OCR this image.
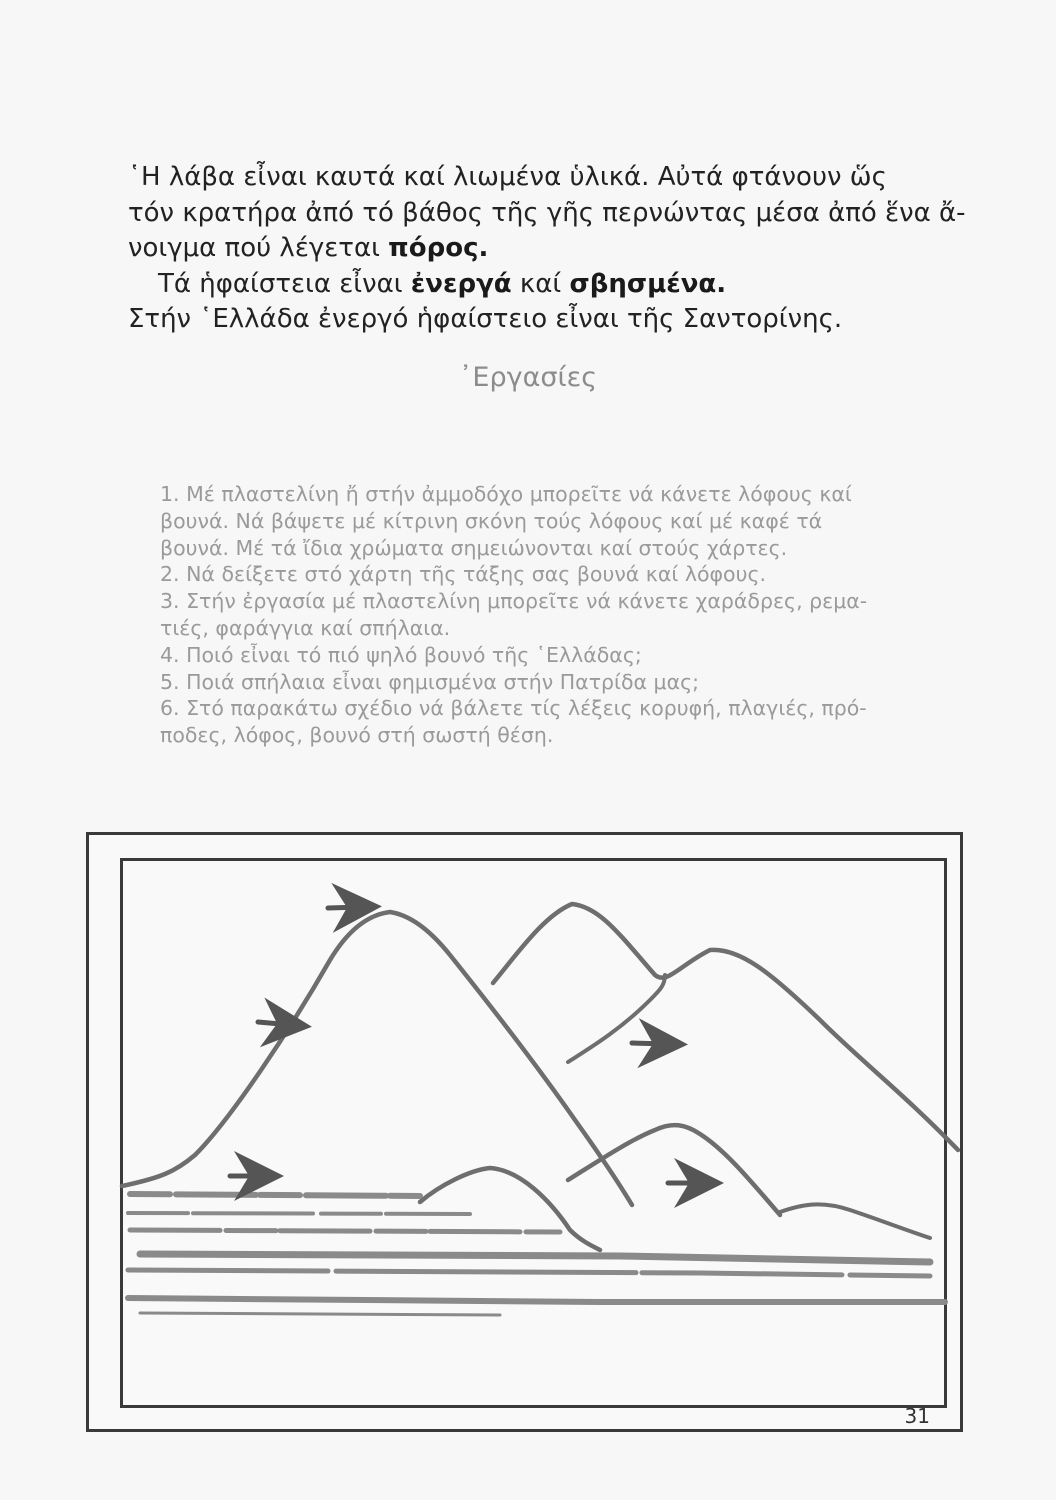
῾Η λάβα εἶναι καυτά καί λιωμένα ὑλικά. Αὐτά φτάνουν ὥς

τόν κρατήρα ἀπό τό βάθος τῆς γῆς περνώντας μέσα ἀπό ἕνα ἄ-

νοιγμα πού λέγεται πόρος.

Τά ἡφαίστεια εἶναι ἐνεργά καί σβησμένα.

Στήν ῾Ελλάδα ἐνεργό ἡφαίστειο εἶναι τῆς Σαντορίνης.

᾿Εργασίες

1. Μέ πλαστελίνη ἤ στήν ἀμμοδόχο μπορεῖτε νά κάνετε λόφους καί

βουνά. Νά βάψετε μέ κίτρινη σκόνη τούς λόφους καί μέ καφέ τά

βουνά. Μέ τά ἴδια χρώματα σημειώνονται καί στούς χάρτες.

2. Νά δείξετε στό χάρτη τῆς τάξης σας βουνά καί λόφους.

3. Στήν ἐργασία μέ πλαστελίνη μπορεῖτε νά κάνετε χαράδρες, ρεμα-

τιές, φαράγγια καί σπήλαια.

4. Ποιό εἶναι τό πιό ψηλό βουνό τῆς ῾Ελλάδας;

5. Ποιά σπήλαια εἶναι φημισμένα στήν Πατρίδα μας;

6. Στό παρακάτω σχέδιο νά βάλετε τίς λέξεις κορυφή, πλαγιές, πρό-

ποδες, λόφος, βουνό στή σωστή θέση.

31
